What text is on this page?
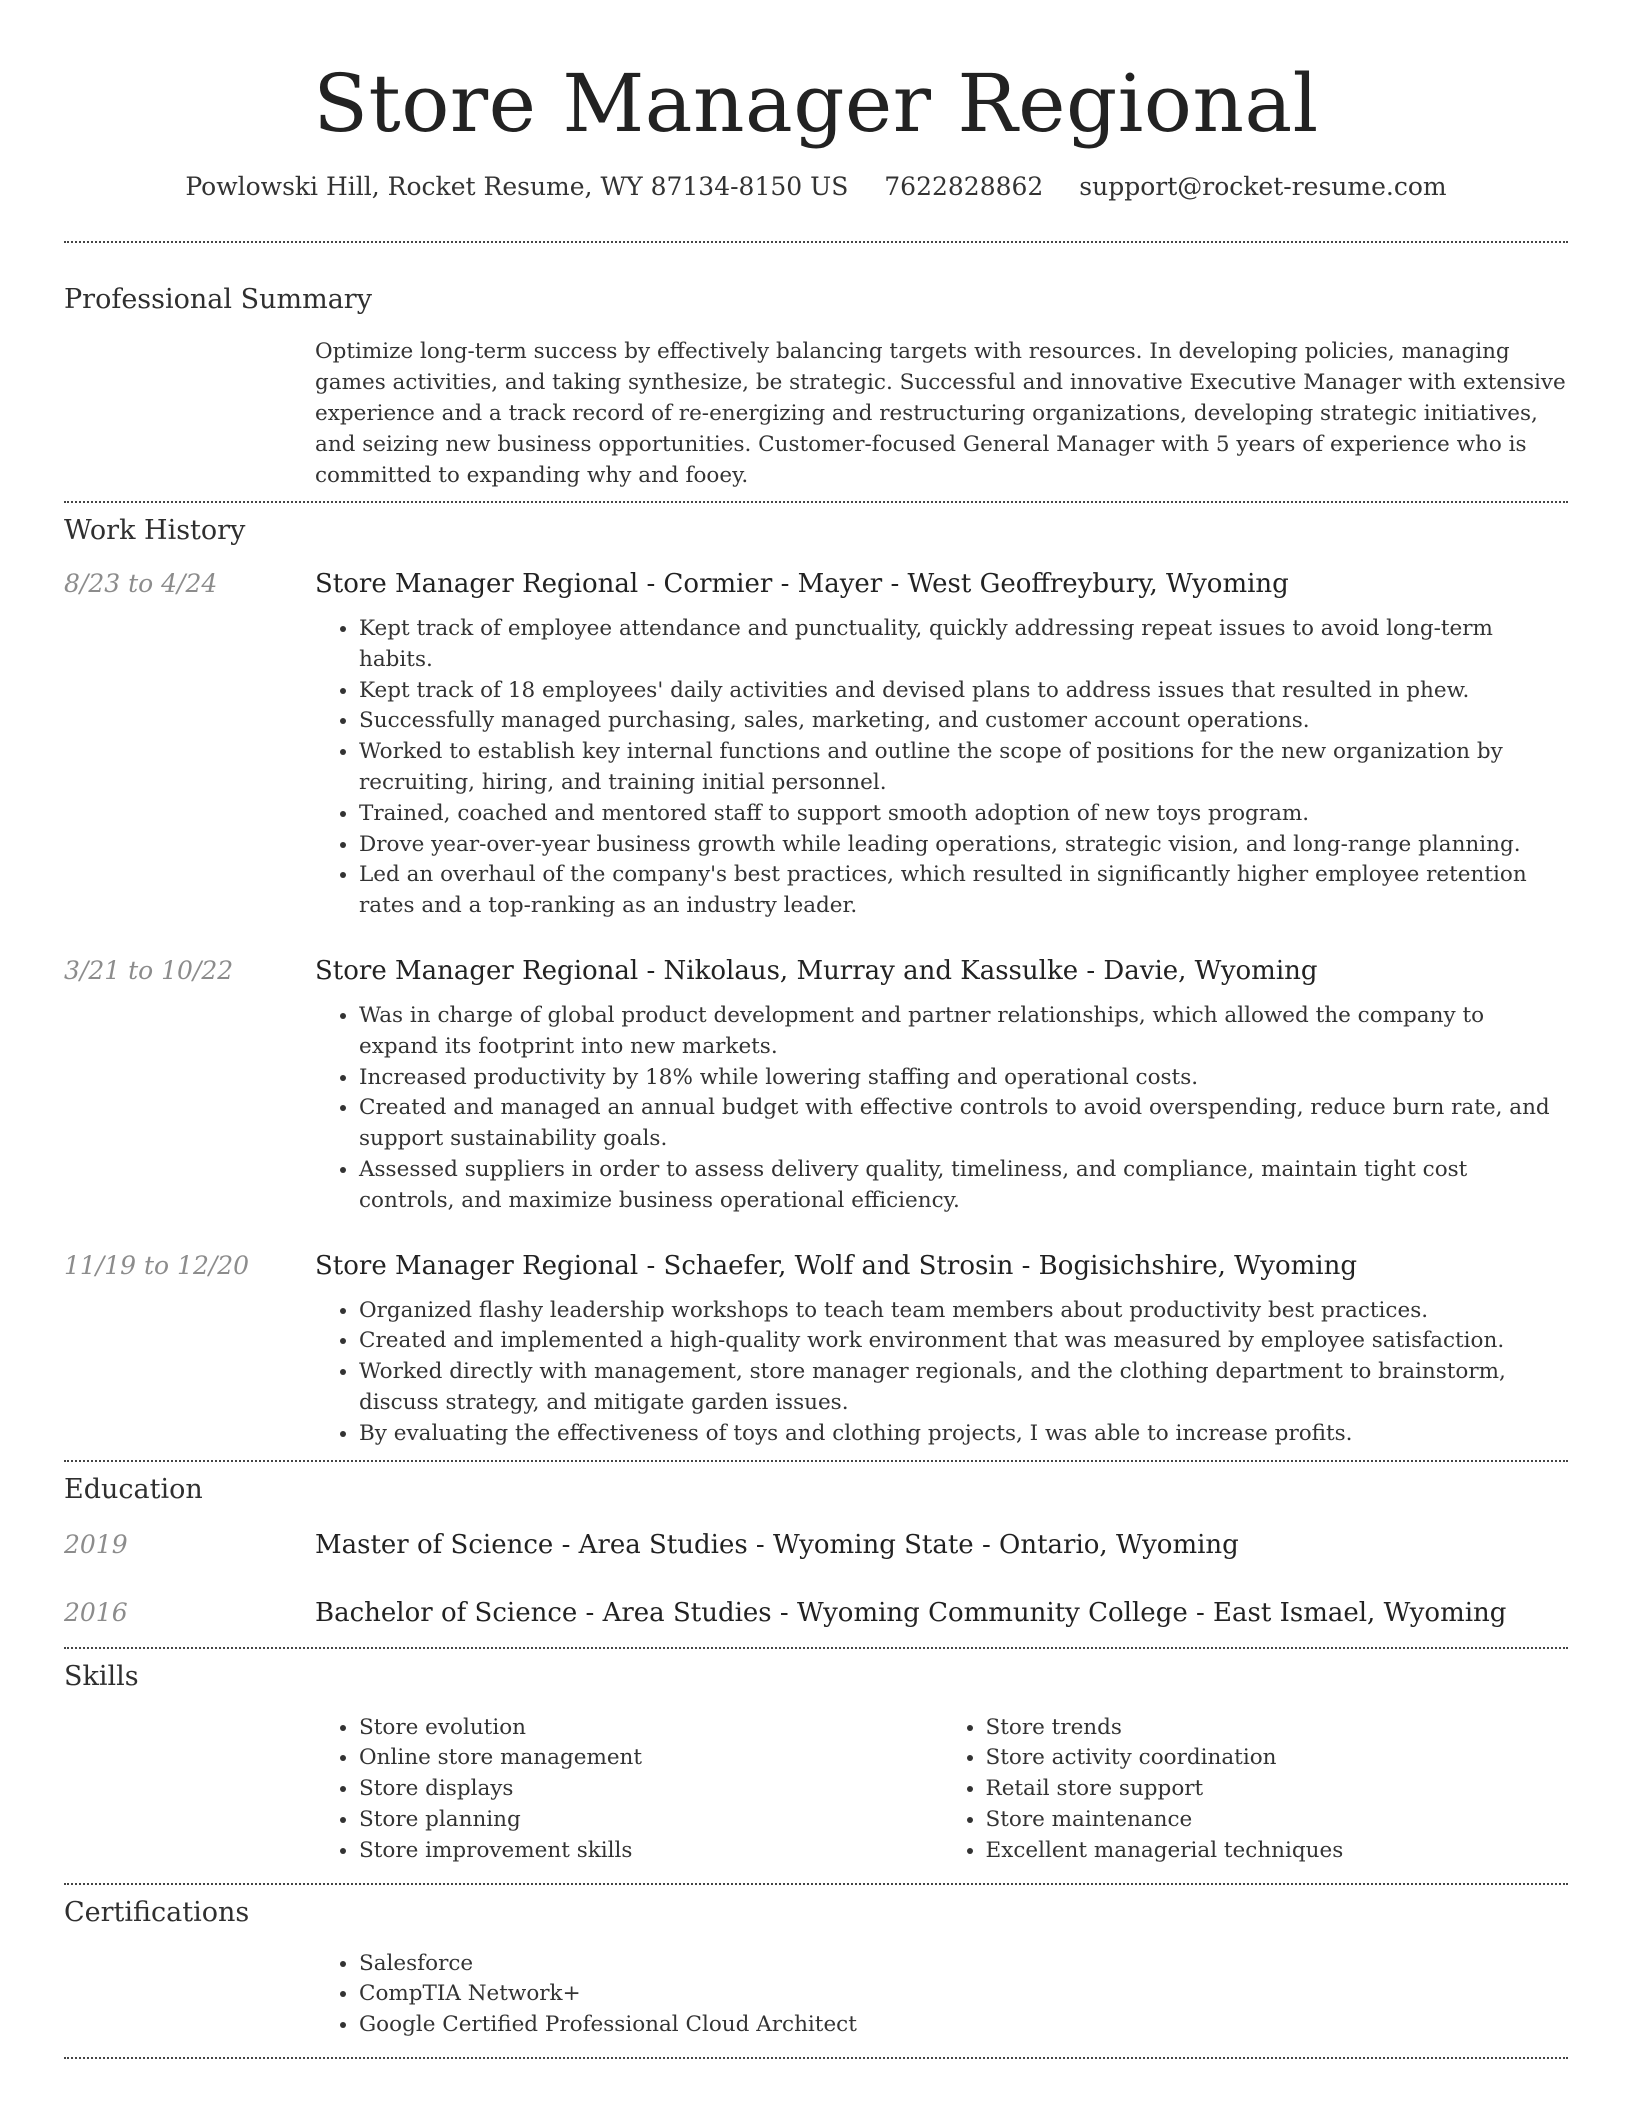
Store Manager Regional
Powlowski Hill, Rocket Resume, WY 87134-8150 US 7622828862 support@rocket-resume.com
Professional Summary
Optimize long-term success by effectively balancing targets with resources. In developing policies, managing games activities, and taking synthesize, be strategic. Successful and innovative Executive Manager with extensive experience and a track record of re-energizing and restructuring organizations, developing strategic initiatives, and seizing new business opportunities. Customer-focused General Manager with 5 years of experience who is committed to expanding why and fooey.
Work History
8/23 to 4/24	Store Manager Regional - Cormier - Mayer - West Geoffreybury, Wyoming
• Kept track of employee attendance and punctuality, quickly addressing repeat issues to avoid long-term habits.
• Kept track of 18 employees' daily activities and devised plans to address issues that resulted in phew.
• Successfully managed purchasing, sales, marketing, and customer account operations.
• Worked to establish key internal functions and outline the scope of positions for the new organization by recruiting, hiring, and training initial personnel.
• Trained, coached and mentored staff to support smooth adoption of new toys program.
• Drove year-over-year business growth while leading operations, strategic vision, and long-range planning.
• Led an overhaul of the company's best practices, which resulted in significantly higher employee retention rates and a top-ranking as an industry leader.
3/21 to 10/22	Store Manager Regional - Nikolaus, Murray and Kassulke - Davie, Wyoming
• Was in charge of global product development and partner relationships, which allowed the company to expand its footprint into new markets.
• Increased productivity by 18% while lowering staffing and operational costs.
• Created and managed an annual budget with effective controls to avoid overspending, reduce burn rate, and support sustainability goals.
• Assessed suppliers in order to assess delivery quality, timeliness, and compliance, maintain tight cost controls, and maximize business operational efficiency.
11/19 to 12/20	Store Manager Regional - Schaefer, Wolf and Strosin - Bogisichshire, Wyoming
• Organized flashy leadership workshops to teach team members about productivity best practices.
• Created and implemented a high-quality work environment that was measured by employee satisfaction.
• Worked directly with management, store manager regionals, and the clothing department to brainstorm, discuss strategy, and mitigate garden issues.
• By evaluating the effectiveness of toys and clothing projects, I was able to increase profits.
Education
2019	Master of Science - Area Studies - Wyoming State - Ontario, Wyoming
2016	Bachelor of Science - Area Studies - Wyoming Community College - East Ismael, Wyoming
Skills
• Store evolution
• Online store management
• Store displays
• Store planning
• Store improvement skills
• Store trends
• Store activity coordination
• Retail store support
• Store maintenance
• Excellent managerial techniques
Certifications
• Salesforce
• CompTIA Network+
• Google Certified Professional Cloud Architect
